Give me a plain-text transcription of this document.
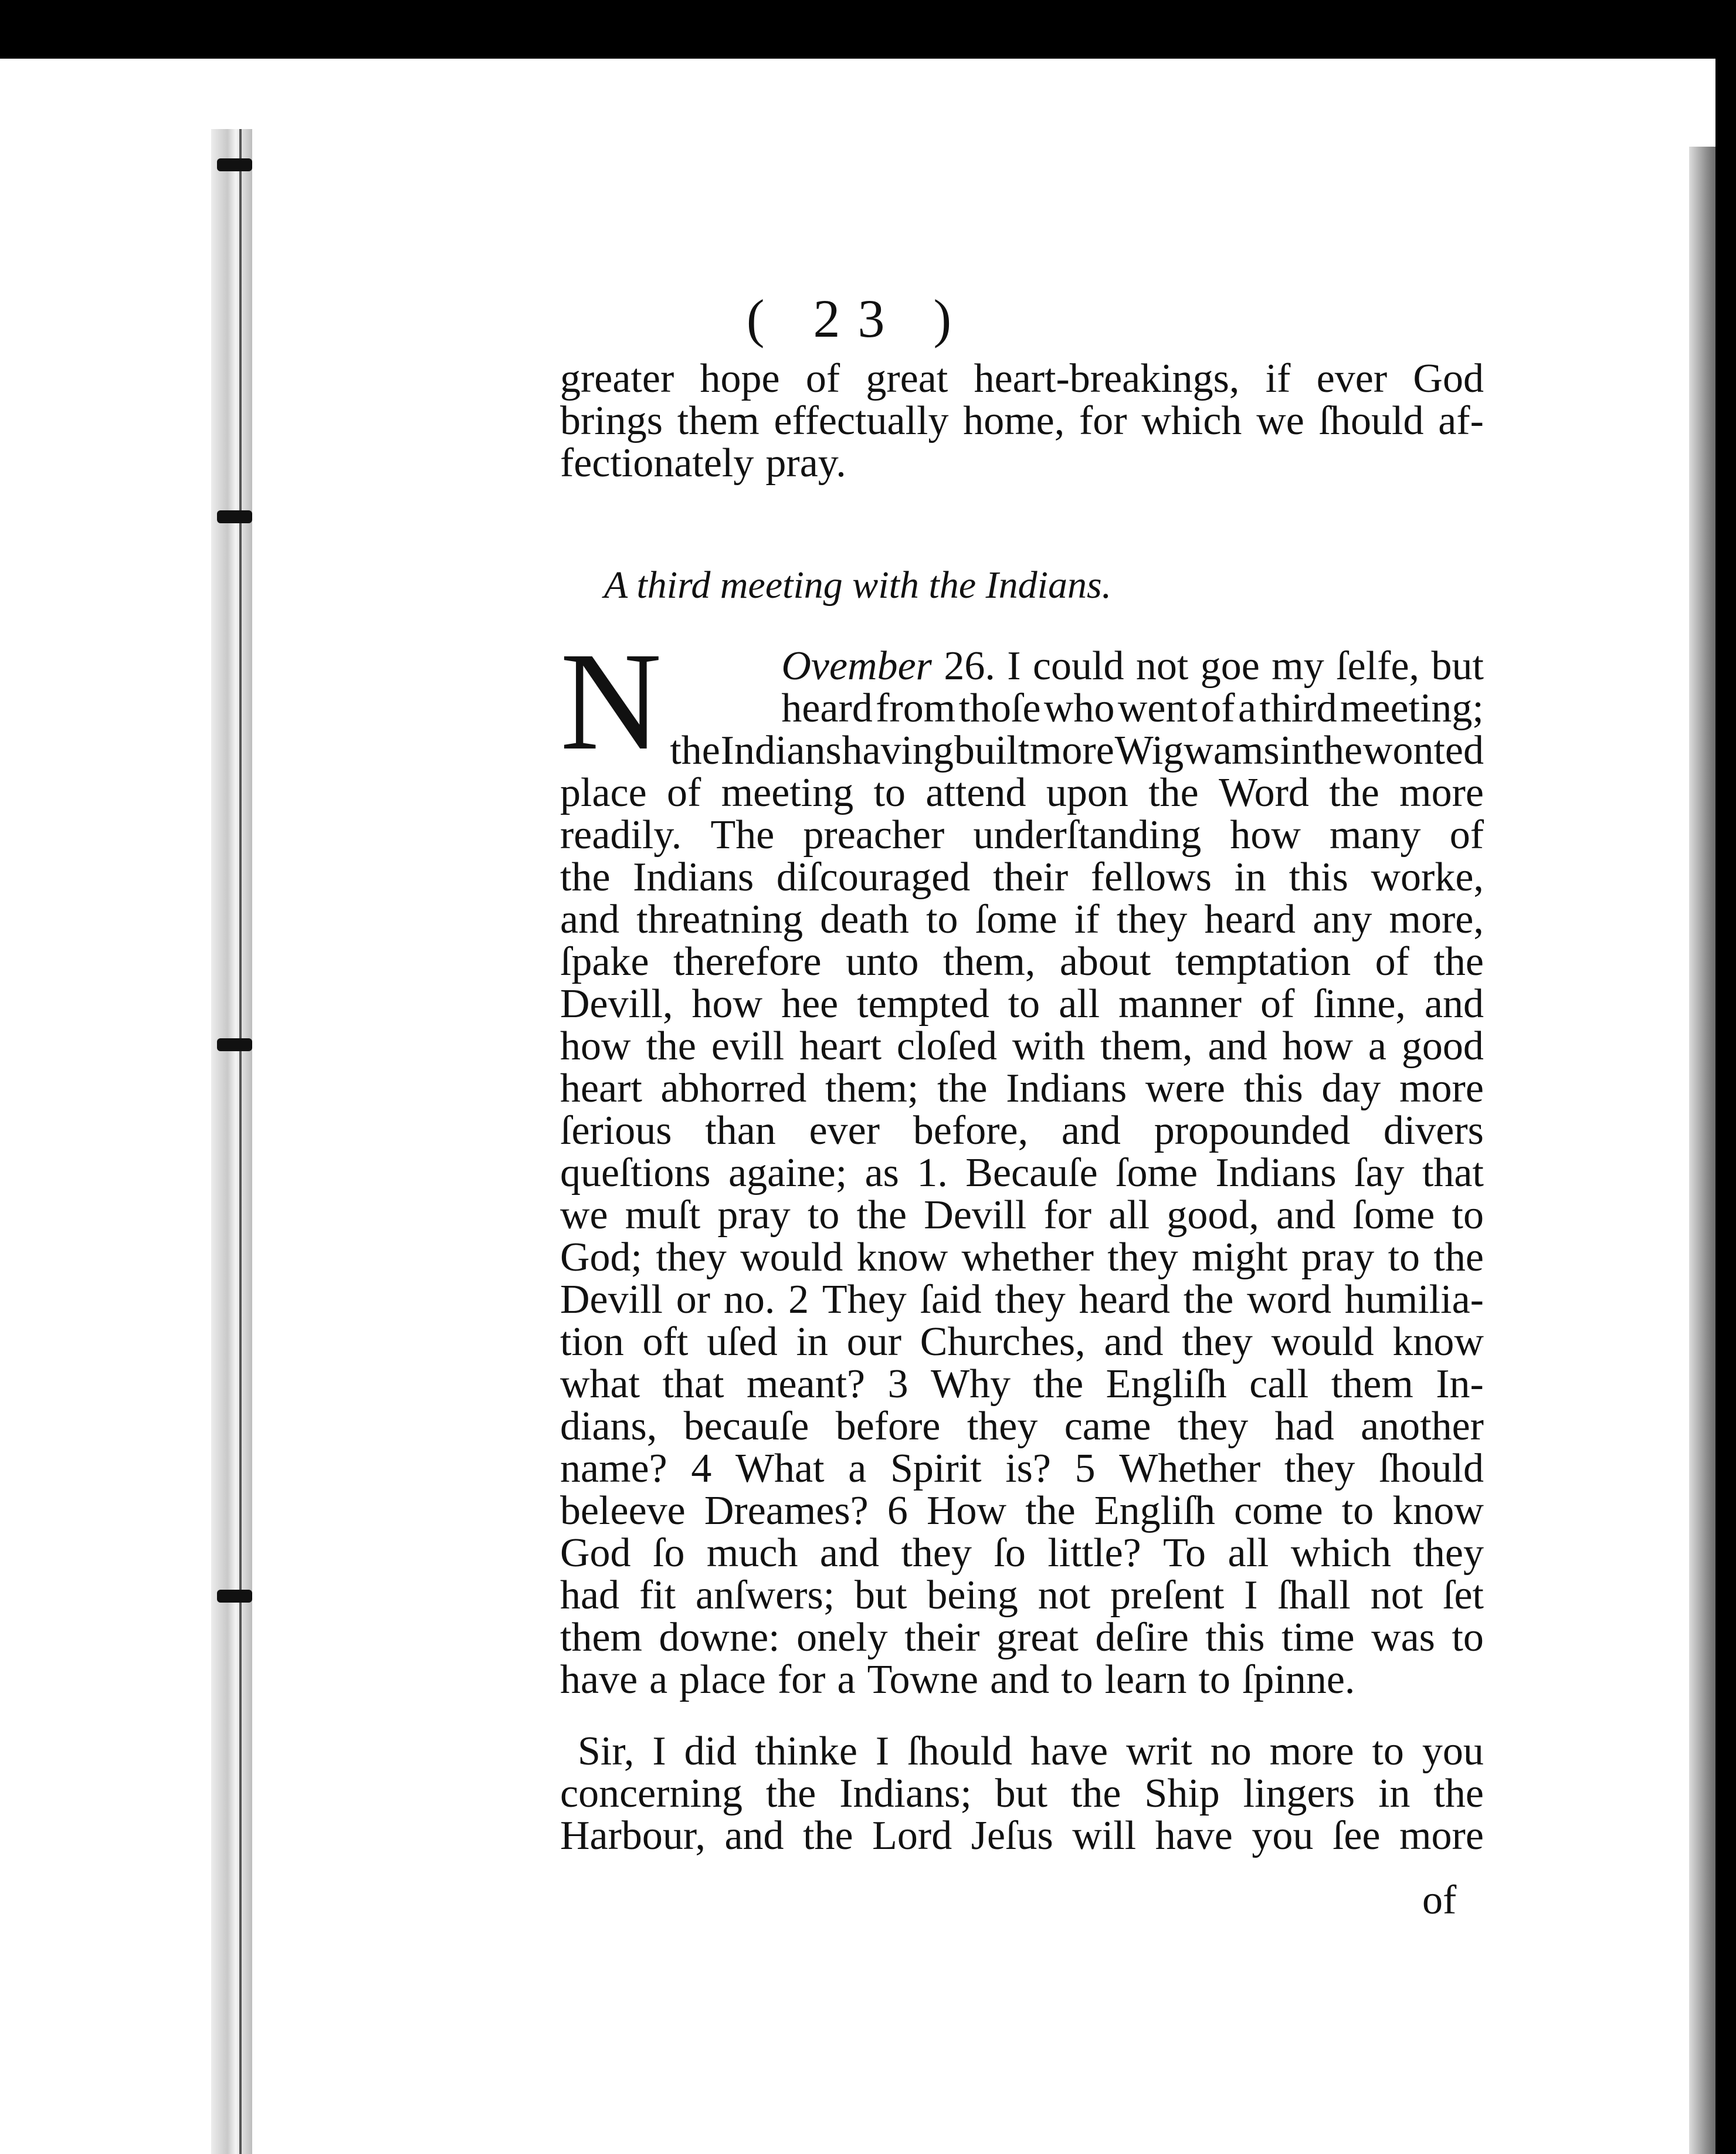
( 23 )
greater hope of great heart-breakings, if ever God
brings them effectually home, for which we ſhould af-
fectionately pray.
A third meeting with the Indians.
N	Ovember 26. I could not goe my ſelfe, but
heard from thoſe who went of a third meeting;
the Indians having built more Wigwams in the wonted
place of meeting to attend upon the Word the more
readily. The preacher underſtanding how many of
the Indians diſcouraged their fellows in this worke,
and threatning death to ſome if they heard any more,
ſpake therefore unto them, about temptation of the
Devill, how hee tempted to all manner of ſinne, and
how the evill heart cloſed with them, and how a good
heart abhorred them; the Indians were this day more
ſerious than ever before, and propounded divers
queſtions againe; as 1. Becauſe ſome Indians ſay that
we muſt pray to the Devill for all good, and ſome to
God; they would know whether they might pray to the
Devill or no. 2 They ſaid they heard the word humilia-
tion oft uſed in our Churches, and they would know
what that meant? 3 Why the Engliſh call them In-
dians, becauſe before they came they had another
name? 4 What a Spirit is? 5 Whether they ſhould
beleeve Dreames? 6 How the Engliſh come to know
God ſo much and they ſo little? To all which they
had fit anſwers; but being not preſent I ſhall not ſet
them downe: onely their great deſire this time was to
have a place for a Towne and to learn to ſpinne.
Sir, I did thinke I ſhould have writ no more to you
concerning the Indians; but the Ship lingers in the
Harbour, and the Lord Jeſus will have you ſee more
of
